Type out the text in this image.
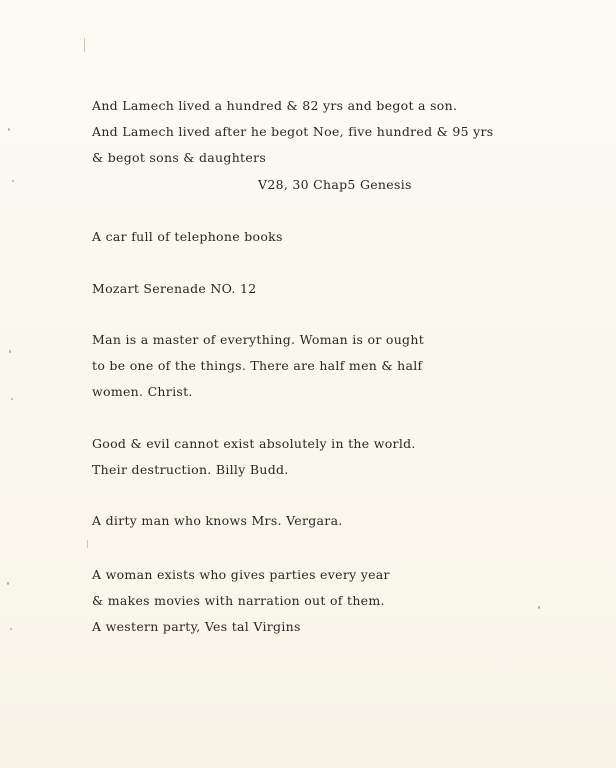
And Lamech lived a hundred & 82 yrs and begot a son.
And Lamech lived after he begot Noe, five hundred & 95 yrs
& begot sons & daughters
V28, 30 Chap5 Genesis
A car full of telephone books
Mozart Serenade NO. 12
Man is a master of everything. Woman is or ought
to be one of the things. There are half men & half
women. Christ.
Good & evil cannot exist absolutely in the world.
Their destruction. Billy Budd.
A dirty man who knows Mrs. Vergara.
A woman exists who gives parties every year
& makes movies with narration out of them.
A western party, Ves tal Virgins
